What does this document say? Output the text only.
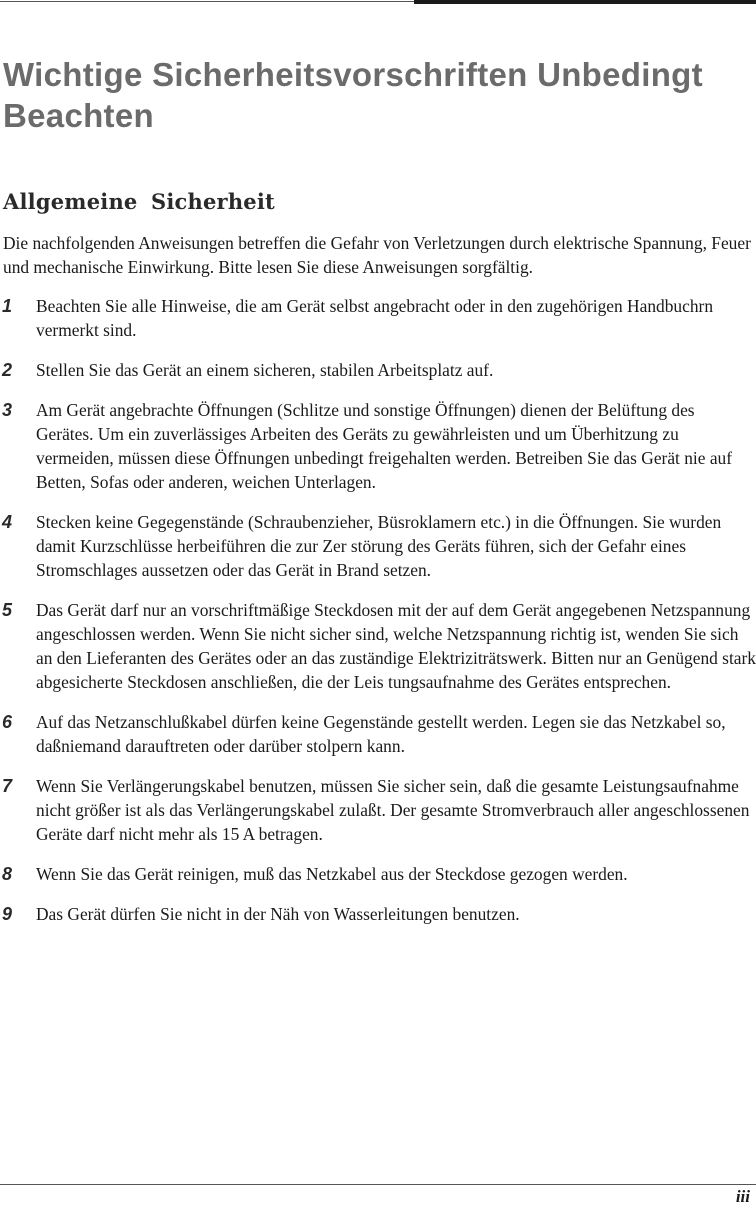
Wichtige Sicherheitsvorschriften Unbedingt Beachten
Allgemeine Sicherheit

Die nachfolgenden Anweisungen betreffen die Gefahr von Verletzungen durch elektrische Spannung, Feuer und mechanische Einwirkung. Bitte lesen Sie diese Anweisungen sorgfältig.

1 Beachten Sie alle Hinweise, die am Gerät selbst angebracht oder in den zugehörigen Handbuchrn vermerkt sind.
2 Stellen Sie das Gerät an einem sicheren, stabilen Arbeitsplatz auf.
3 Am Gerät angebrachte Öffnungen (Schlitze und sonstige Öffnungen) dienen der Belüftung des Gerätes. Um ein zuverlässiges Arbeiten des Geräts zu gewährleisten und um Überhitzung zu vermeiden, müssen diese Öffnungen unbedingt freigehalten werden. Betreiben Sie das Gerät nie auf Betten, Sofas oder anderen, weichen Unterlagen.
4 Stecken keine Gegegenstände (Schraubenzieher, Büsroklamern etc.) in die Öffnungen. Sie wurden damit Kurzschlüsse herbeiführen die zur Zer störung des Geräts führen, sich der Gefahr eines Stromschlages aussetzen oder das Gerät in Brand setzen.
5 Das Gerät darf nur an vorschriftmäßige Steckdosen mit der auf dem Gerät angegebenen Netzspannung angeschlossen werden. Wenn Sie nicht sicher sind, welche Netzspannung richtig ist, wenden Sie sich an den Lieferanten des Gerätes oder an das zuständige Elektriziträtswerk. Bitten nur an Genügend stark abgesicherte Steckdosen anschließen, die der Leis tungsaufnahme des Gerätes entsprechen.
6 Auf das Netzanschlußkabel dürfen keine Gegenstände gestellt werden. Legen sie das Netzkabel so, daßniemand darauftreten oder darüber stolpern kann.
7 Wenn Sie Verlängerungskabel benutzen, müssen Sie sicher sein, daß die gesamte Leistungsaufnahme nicht größer ist als das Verlängerungskabel zulaßt. Der gesamte Stromverbrauch aller angeschlossenen Geräte darf nicht mehr als 15 A betragen.
8 Wenn Sie das Gerät reinigen, muß das Netzkabel aus der Steckdose gezogen werden.
9 Das Gerät dürfen Sie nicht in der Näh von Wasserleitungen benutzen.
iii
